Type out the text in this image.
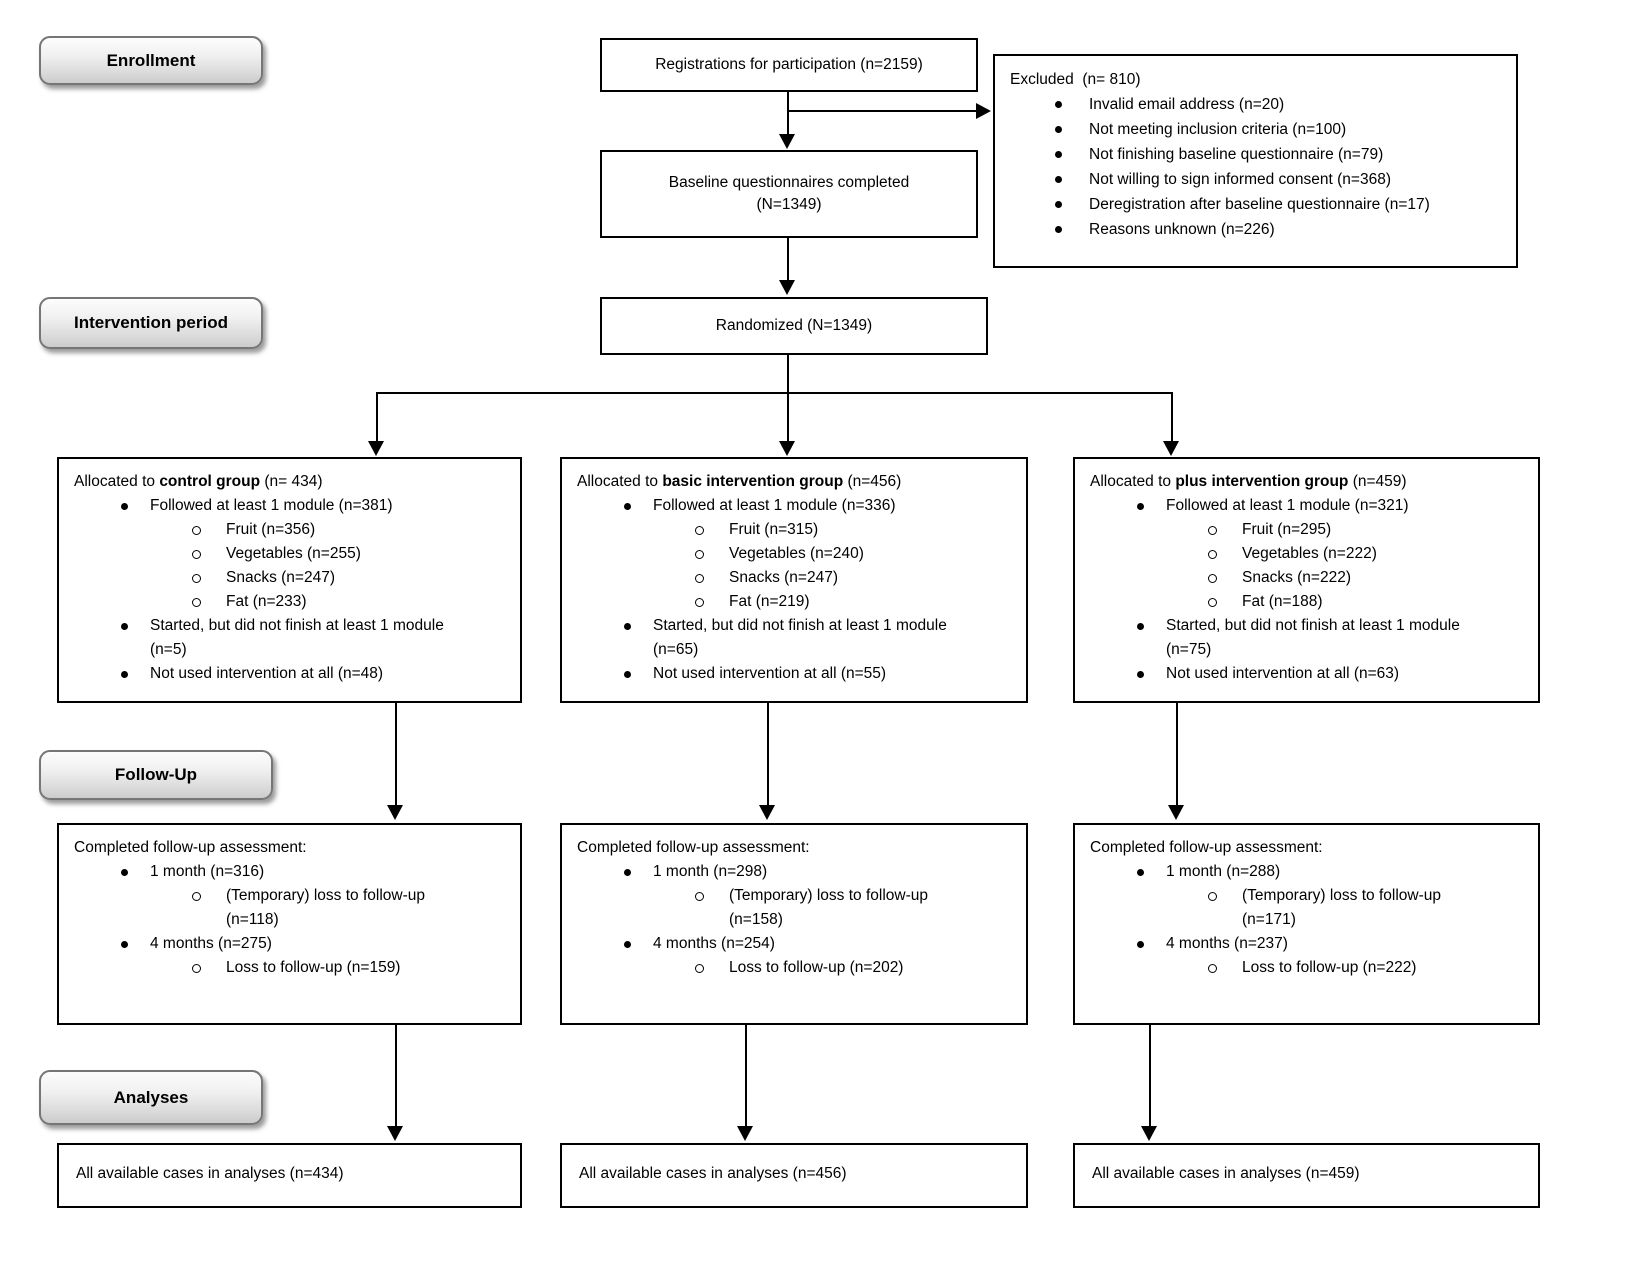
Enrollment
Intervention period
Follow-Up
Analyses
Registrations for participation (n=2159)
Excluded  (n= 810)
Invalid email address (n=20)
Not meeting inclusion criteria (n=100)
Not finishing baseline questionnaire (n=79)
Not willing to sign informed consent (n=368)
Deregistration after baseline questionnaire (n=17)
Reasons unknown (n=226)
Baseline questionnaires completed
(N=1349)
Randomized (N=1349)
Allocated to control group (n= 434)
Followed at least 1 module (n=381)
Fruit (n=356)
Vegetables (n=255)
Snacks (n=247)
Fat (n=233)
Started, but did not finish at least 1 module
(n=5)
Not used intervention at all (n=48)
Allocated to basic intervention group (n=456)
Followed at least 1 module (n=336)
Fruit (n=315)
Vegetables (n=240)
Snacks (n=247)
Fat (n=219)
Started, but did not finish at least 1 module
(n=65)
Not used intervention at all (n=55)
Allocated to plus intervention group (n=459)
Followed at least 1 module (n=321)
Fruit (n=295)
Vegetables (n=222)
Snacks (n=222)
Fat (n=188)
Started, but did not finish at least 1 module
(n=75)
Not used intervention at all (n=63)
Completed follow-up assessment:
1 month (n=316)
(Temporary) loss to follow-up
(n=118)
4 months (n=275)
Loss to follow-up (n=159)
Completed follow-up assessment:
1 month (n=298)
(Temporary) loss to follow-up
(n=158)
4 months (n=254)
Loss to follow-up (n=202)
Completed follow-up assessment:
1 month (n=288)
(Temporary) loss to follow-up
(n=171)
4 months (n=237)
Loss to follow-up (n=222)
All available cases in analyses (n=434)	All available cases in analyses (n=456)	All available cases in analyses (n=459)
